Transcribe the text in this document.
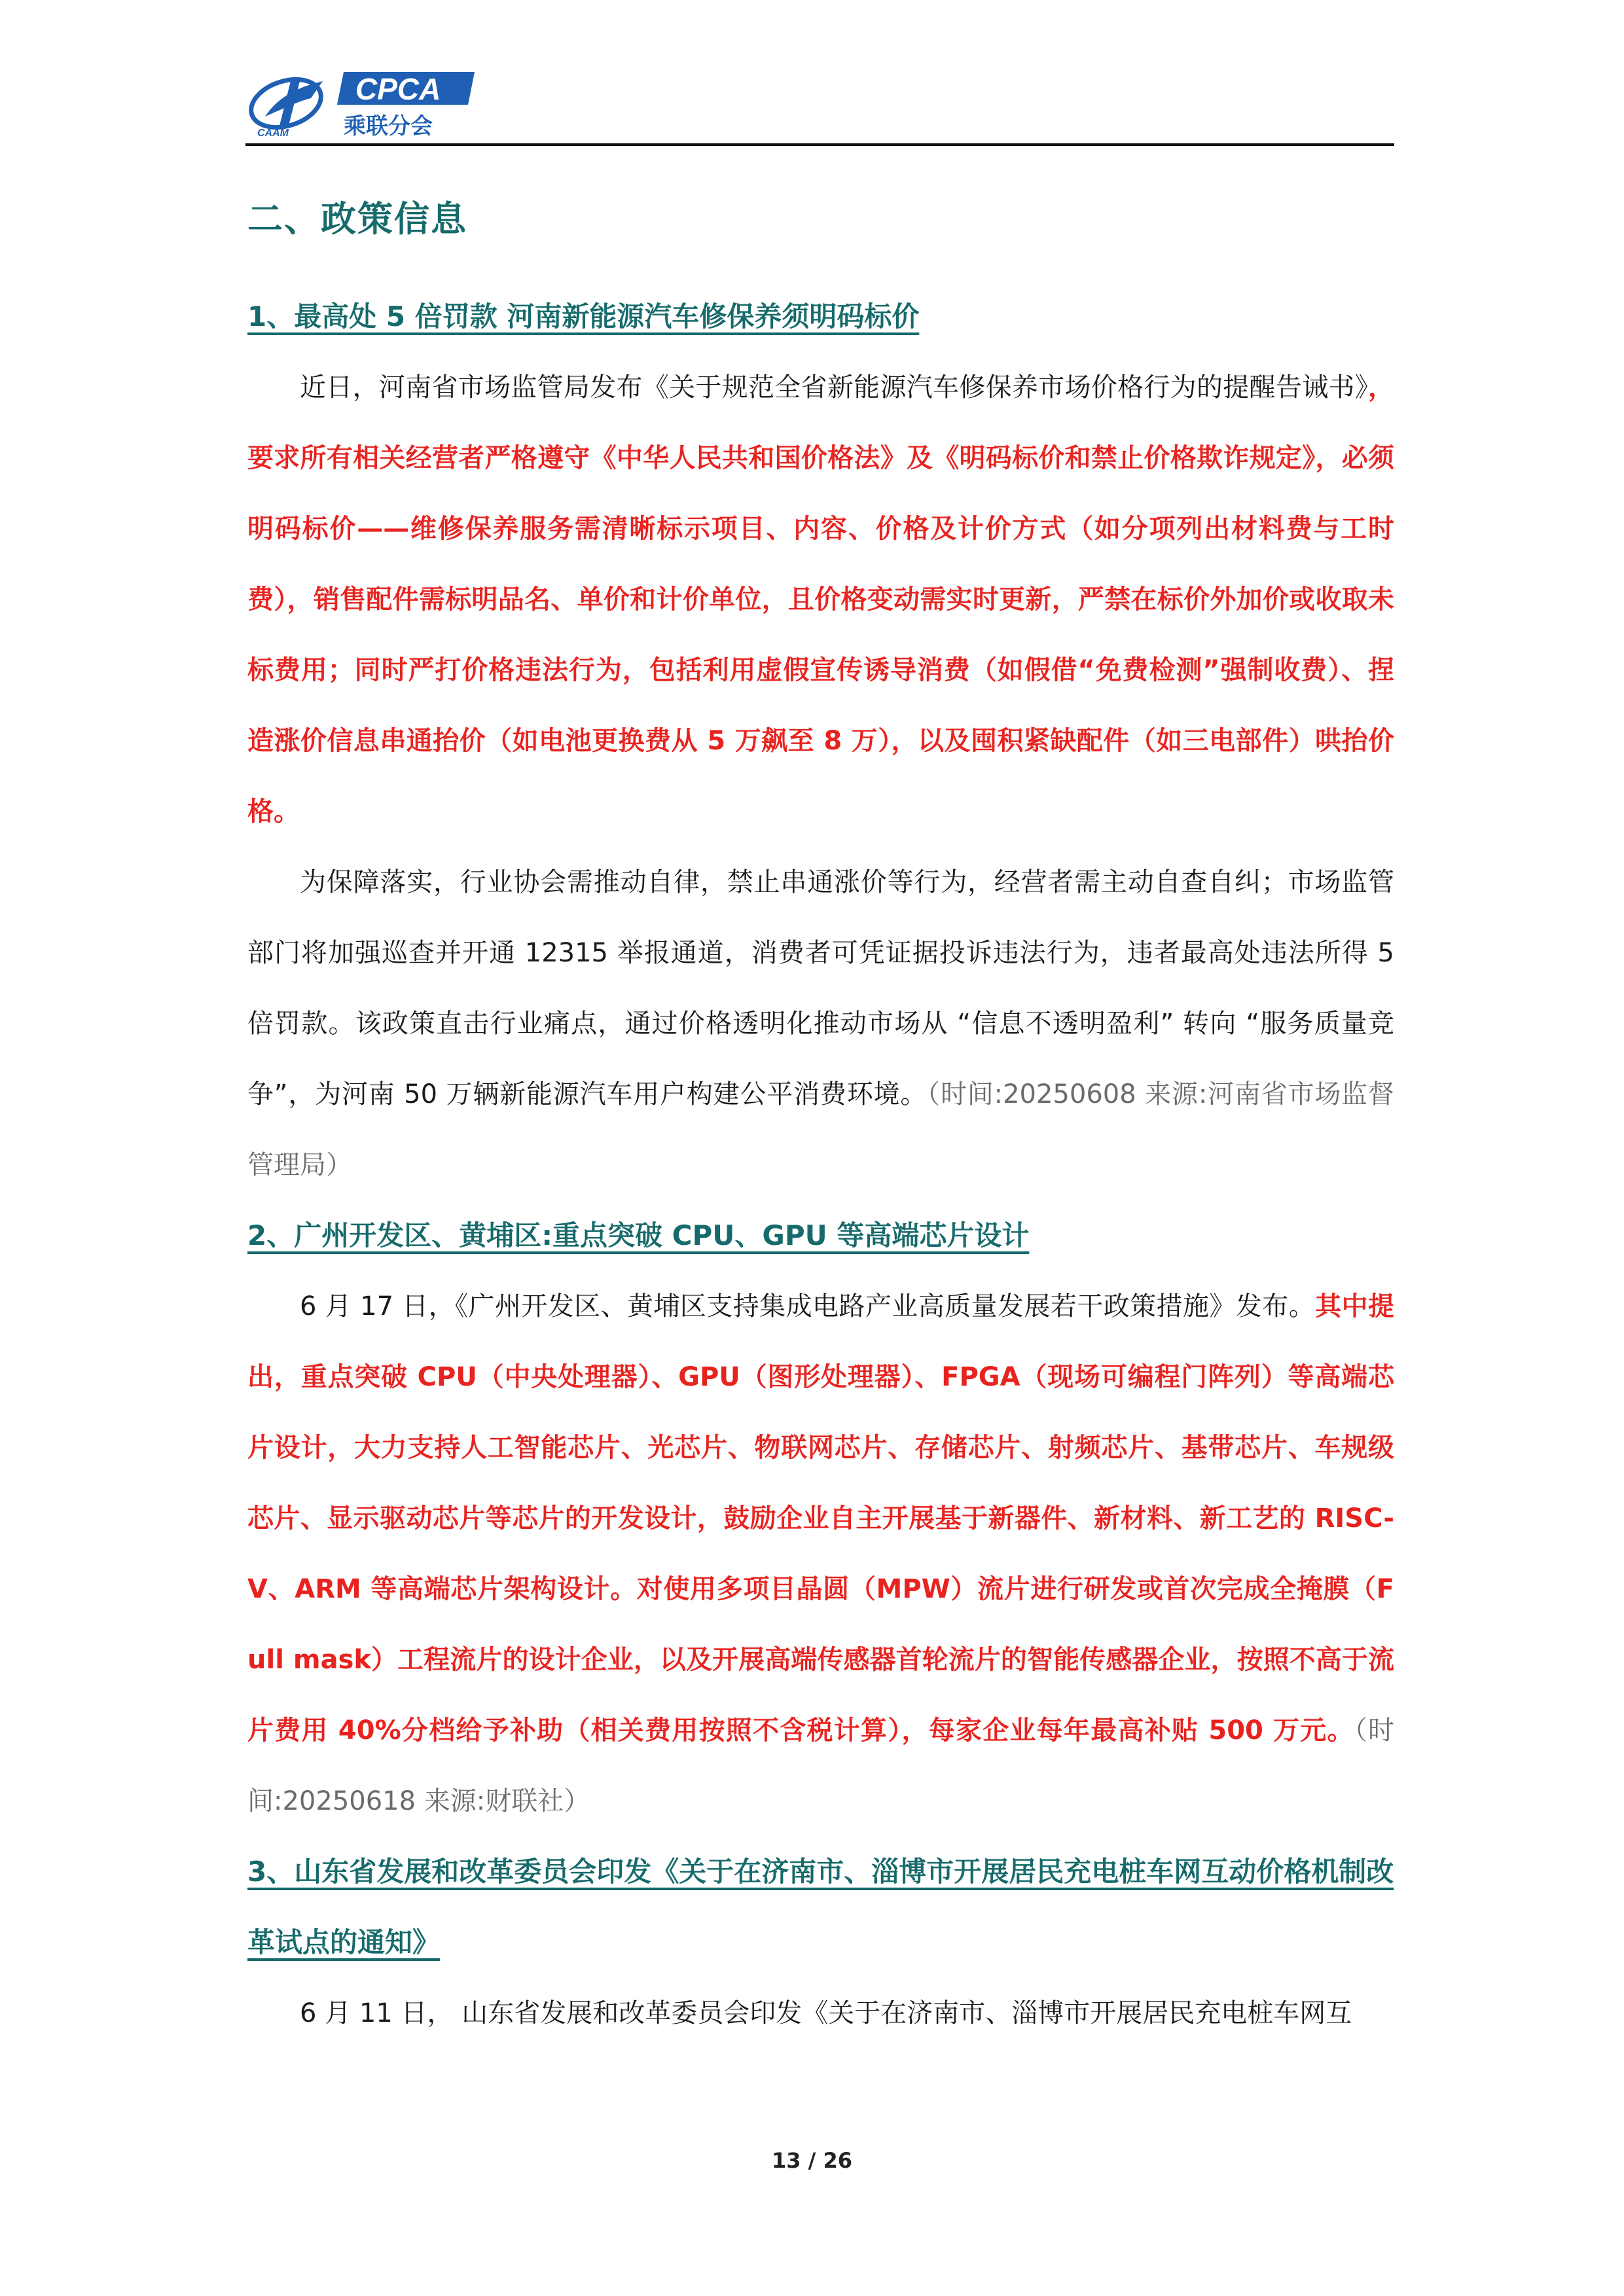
CAAM
CPCA
乘联分会
二、政策信息
1、最高处 5 倍罚款 河南新能源汽车修保养须明码标价

近日，河南省市场监管局发布《关于规范全省新能源汽车修保养市场价格行为的提醒告诫书》，要求所有相关经营者严格遵守《中华人民共和国价格法》及《明码标价和禁止价格欺诈规定》，必须明码标价——维修保养服务需清晰标示项目、内容、价格及计价方式（如分项列出材料费与工时费），销售配件需标明品名、单价和计价单位，且价格变动需实时更新，严禁在标价外加价或收取未标费用；同时严打价格违法行为，包括利用虚假宣传诱导消费（如假借“免费检测”强制收费）、捏造涨价信息串通抬价（如电池更换费从 5 万飙至 8 万），以及囤积紧缺配件（如三电部件）哄抬价格。

为保障落实，行业协会需推动自律，禁止串通涨价等行为，经营者需主动自查自纠；市场监管部门将加强巡查并开通 12315 举报通道，消费者可凭证据投诉违法行为，违者最高处违法所得 5 倍罚款。该政策直击行业痛点，通过价格透明化推动市场从 “信息不透明盈利” 转向 “服务质量竞争”，为河南 50 万辆新能源汽车用户构建公平消费环境。（时间:20250608 来源:河南省市场监督管理局）

2、广州开发区、黄埔区:重点突破 CPU、GPU 等高端芯片设计

6 月 17 日，《广州开发区、黄埔区支持集成电路产业高质量发展若干政策措施》发布。其中提出，重点突破 CPU（中央处理器）、GPU（图形处理器）、FPGA（现场可编程门阵列）等高端芯片设计，大力支持人工智能芯片、光芯片、物联网芯片、存储芯片、射频芯片、基带芯片、车规级芯片、显示驱动芯片等芯片的开发设计，鼓励企业自主开展基于新器件、新材料、新工艺的 RISC-V、ARM 等高端芯片架构设计。对使用多项目晶圆（MPW）流片进行研发或首次完成全掩膜（Full mask）工程流片的设计企业，以及开展高端传感器首轮流片的智能传感器企业，按照不高于流片费用 40%分档给予补助（相关费用按照不含税计算），每家企业每年最高补贴 500 万元。（时间:20250618 来源:财联社）

3、山东省发展和改革委员会印发《关于在济南市、淄博市开展居民充电桩车网互动价格机制改革试点的通知》

6 月 11 日， 山东省发展和改革委员会印发《关于在济南市、淄博市开展居民充电桩车网互

13 / 26
